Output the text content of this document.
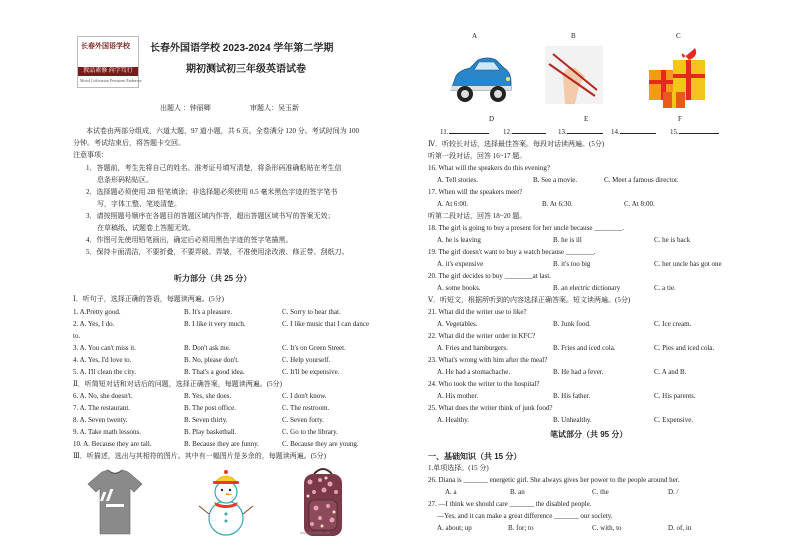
长春外国语学校
敦品素修 尚学笃行
Moral Cultivation Persistent Endeavor
长春外国语学校 2023-2024 学年第二学期
期初测试初三年级英语试卷
出题人 ：钟丽卿	审题人：吴玉新
本试卷由两部分组成，六道大题，97 道小题，共 6 页。全卷满分 120 分。考试时间为 100
分钟。考试结束后，将答题卡交回。
注意事项：
1．答题前，考生先将自己的姓名、准考证号填写清楚，将条形码准确粘贴在考生信
息条形码粘贴区。
2．选择题必须使用 2B 铅笔填涂；非选择题必须使用 0.5 毫米黑色字迹的签字笔书
写，字体工整、笔迹清楚。
3．请按照题号顺序在各题目的答题区域内作答，超出答题区域书写的答案无效；
在草稿纸、试题卷上答题无效。
4．作图可先使用铅笔画出，确定后必须用黑色字迹的签字笔描黑。
5．保持卡面清洁，不要折叠，不要弄破、弄皱，不准使用涂改液、修正带、刮纸刀。
听力部分（共 25 分）
Ⅰ．听句子，选择正确的答语，每题读两遍。(5分)
1. A.Pretty good.	B. It's a pleasure.	C. Sorry to hear that.
2. A. Yes, I do.	B. I like it very much.	C. I like music that I can dance
to.
3. A. You can't miss it.	B. Don't ask me.	C. It's on Green Street.
4. A. Yes, I'd love to.	B. No, please don't.	C. Help yourself.
5. A. I'll clean the city.	B. That's a good idea.	C. It'll be expensive.
Ⅱ．听简短对话和对话后的问题，选择正确答案，每题读两遍。(5分)
6. A. No, she doesn't.	B. Yes, she does.	C. I don't know.
7. A. The restaurant.	B. The post office.	C. The restroom.
8. A. Seven twenty.	B. Seven thirty.	C. Seven forty.
9. A. Take math lessons.	B. Play basketball.	C. Go to the library.
10. A. Because they are tall.	B. Because they are funny.	C. Because they are young.
Ⅲ．听描述，选出与其相符的图片。其中有一幅图片是多余的，每题读两遍。(5分)
www.mvaxbb.com
A	B	C
D	E	F
11.	12.	13.	14.	15.
Ⅳ．听较长对话，选择最佳答案。每段对话读两遍。(5分)
听第一段对话，回答 16~17 题。
16. What will the speakers do this evening?
A. Tell stories.	B. See a movie.	C. Meet a famous director.
17. When will the speakers meet?
A. At 6:00.	B. At 6:30.	C. At 8:00.
听第二段对话，回答 18~20 题。
18. The girl is going to buy a present for her uncle because ________.
A. he is leaving	B. he is ill	C. he is back
19. The girl doesn't want to buy a watch because ________.
A. it's expensive	B. it's too big	C. her uncle has got one
20. The girl decides to buy ________at last.
A. some books.	B. an electric dictionary	C. a tie.
Ⅴ．听短文，根据所听到的内容选择正确答案。短文读两遍。(5分)
21. What did the writer use to like?
A. Vegetables.	B. Junk food.	C. Ice cream.
22. What did the writer order in KFC?
A. Fries and hamburgers.	B. Fries and iced cola.	C. Pies and iced cola.
23. What's wrong with him after the meal?
A. He had a stomachache.	B. He had a fever.	C. A and B.
24. Who took the writer to the hospital?
A. His mother.	B. His father.	C. His parents.
25. What does the writer think of junk food?
A. Healthy.	B. Unhealthy.	C. Expensive.
笔试部分（共 95 分）
一、基础知识（共 15 分）
1.单项选择。(15 分)
26. Diana is _______ energetic girl. She always gives her power to the people around her.
A. a	B. an	C. the	D. /
27. —I think we should care _______ the disabled people.
—Yes, and it can make a great difference _______ our society.
A. about; up	B. for; to	C. with, to	D. of, in
